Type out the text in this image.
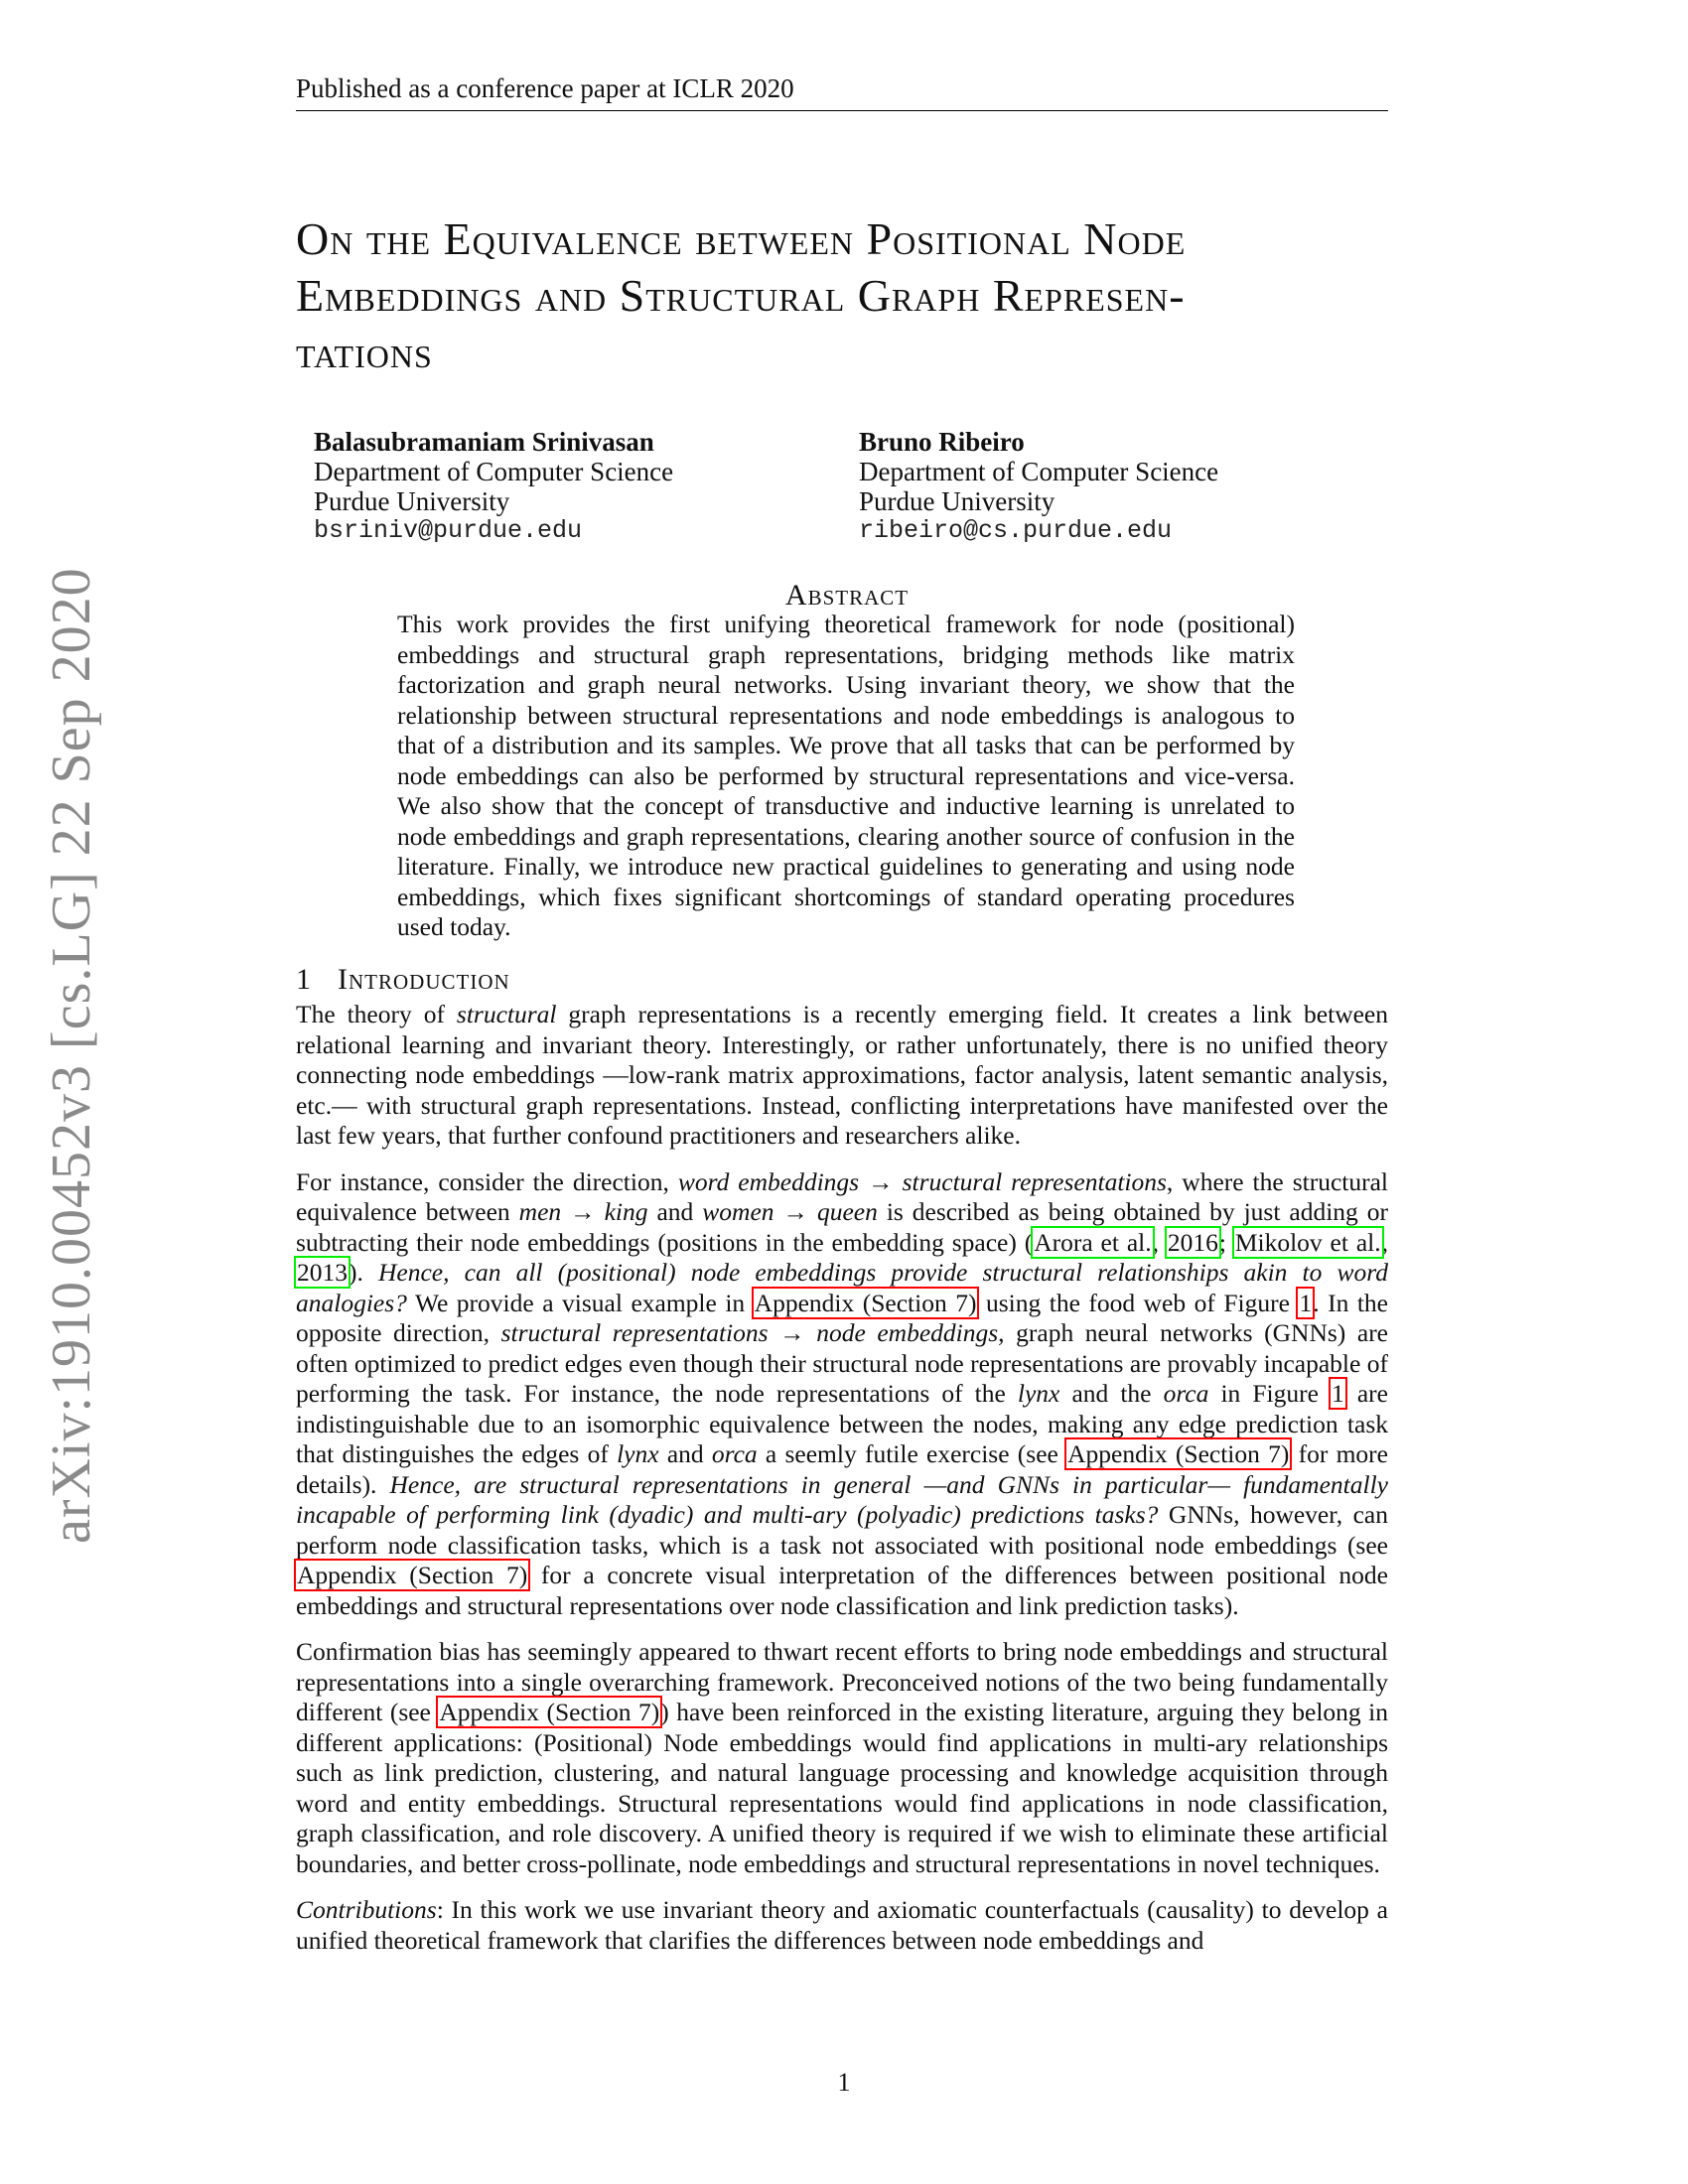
Published as a conference paper at ICLR 2020
On the Equivalence between Positional Node
Embeddings and Structural Graph Represen-
tations
Balasubramaniam Srinivasan
Department of Computer Science
Purdue University
bsriniv@purdue.edu
Bruno Ribeiro
Department of Computer Science
Purdue University
ribeiro@cs.purdue.edu
Abstract
This work provides the first unifying theoretical framework for node (positional) embeddings and structural graph representations, bridging methods like matrix factorization and graph neural networks. Using invariant theory, we show that the relationship between structural representations and node embeddings is analogous to that of a distribution and its samples. We prove that all tasks that can be performed by node embeddings can also be performed by structural representations and vice-versa. We also show that the concept of transductive and inductive learning is unrelated to node embeddings and graph representations, clearing another source of confusion in the literature. Finally, we introduce new practical guidelines to generating and using node embeddings, which fixes significant shortcomings of standard operating procedures used today.
1 Introduction

The theory of structural graph representations is a recently emerging field. It creates a link between relational learning and invariant theory. Interestingly, or rather unfortunately, there is no unified theory connecting node embeddings —low-rank matrix approximations, factor analysis, latent semantic analysis, etc.— with structural graph representations. Instead, conflicting interpretations have manifested over the last few years, that further confound practitioners and researchers alike.

For instance, consider the direction, word embeddings → structural representations, where the structural equivalence between men → king and women → queen is described as being obtained by just adding or subtracting their node embeddings (positions in the embedding space) (Arora et al., 2016; Mikolov et al., 2013). Hence, can all (positional) node embeddings provide structural relationships akin to word analogies? We provide a visual example in Appendix (Section 7) using the food web of Figure 1. In the opposite direction, structural representations → node embeddings, graph neural networks (GNNs) are often optimized to predict edges even though their structural node representations are provably incapable of performing the task. For instance, the node representations of the lynx and the orca in Figure 1 are indistinguishable due to an isomorphic equivalence between the nodes, making any edge prediction task that distinguishes the edges of lynx and orca a seemly futile exercise (see Appendix (Section 7) for more details). Hence, are structural representations in general —and GNNs in particular— fundamentally incapable of performing link (dyadic) and multi-ary (polyadic) predictions tasks? GNNs, however, can perform node classification tasks, which is a task not associated with positional node embeddings (see Appendix (Section 7) for a concrete visual interpretation of the differences between positional node embeddings and structural representations over node classification and link prediction tasks).

Confirmation bias has seemingly appeared to thwart recent efforts to bring node embeddings and structural representations into a single overarching framework. Preconceived notions of the two being fundamentally different (see Appendix (Section 7)) have been reinforced in the existing literature, arguing they belong in different applications: (Positional) Node embeddings would find applications in multi-ary relationships such as link prediction, clustering, and natural language processing and knowledge acquisition through word and entity embeddings. Structural representations would find applications in node classification, graph classification, and role discovery. A unified theory is required if we wish to eliminate these artificial boundaries, and better cross-pollinate, node embeddings and structural representations in novel techniques.

Contributions: In this work we use invariant theory and axiomatic counterfactuals (causality) to develop a unified theoretical framework that clarifies the differences between node embeddings and

arXiv:1910.00452v3 [cs.LG] 22 Sep 2020
1
